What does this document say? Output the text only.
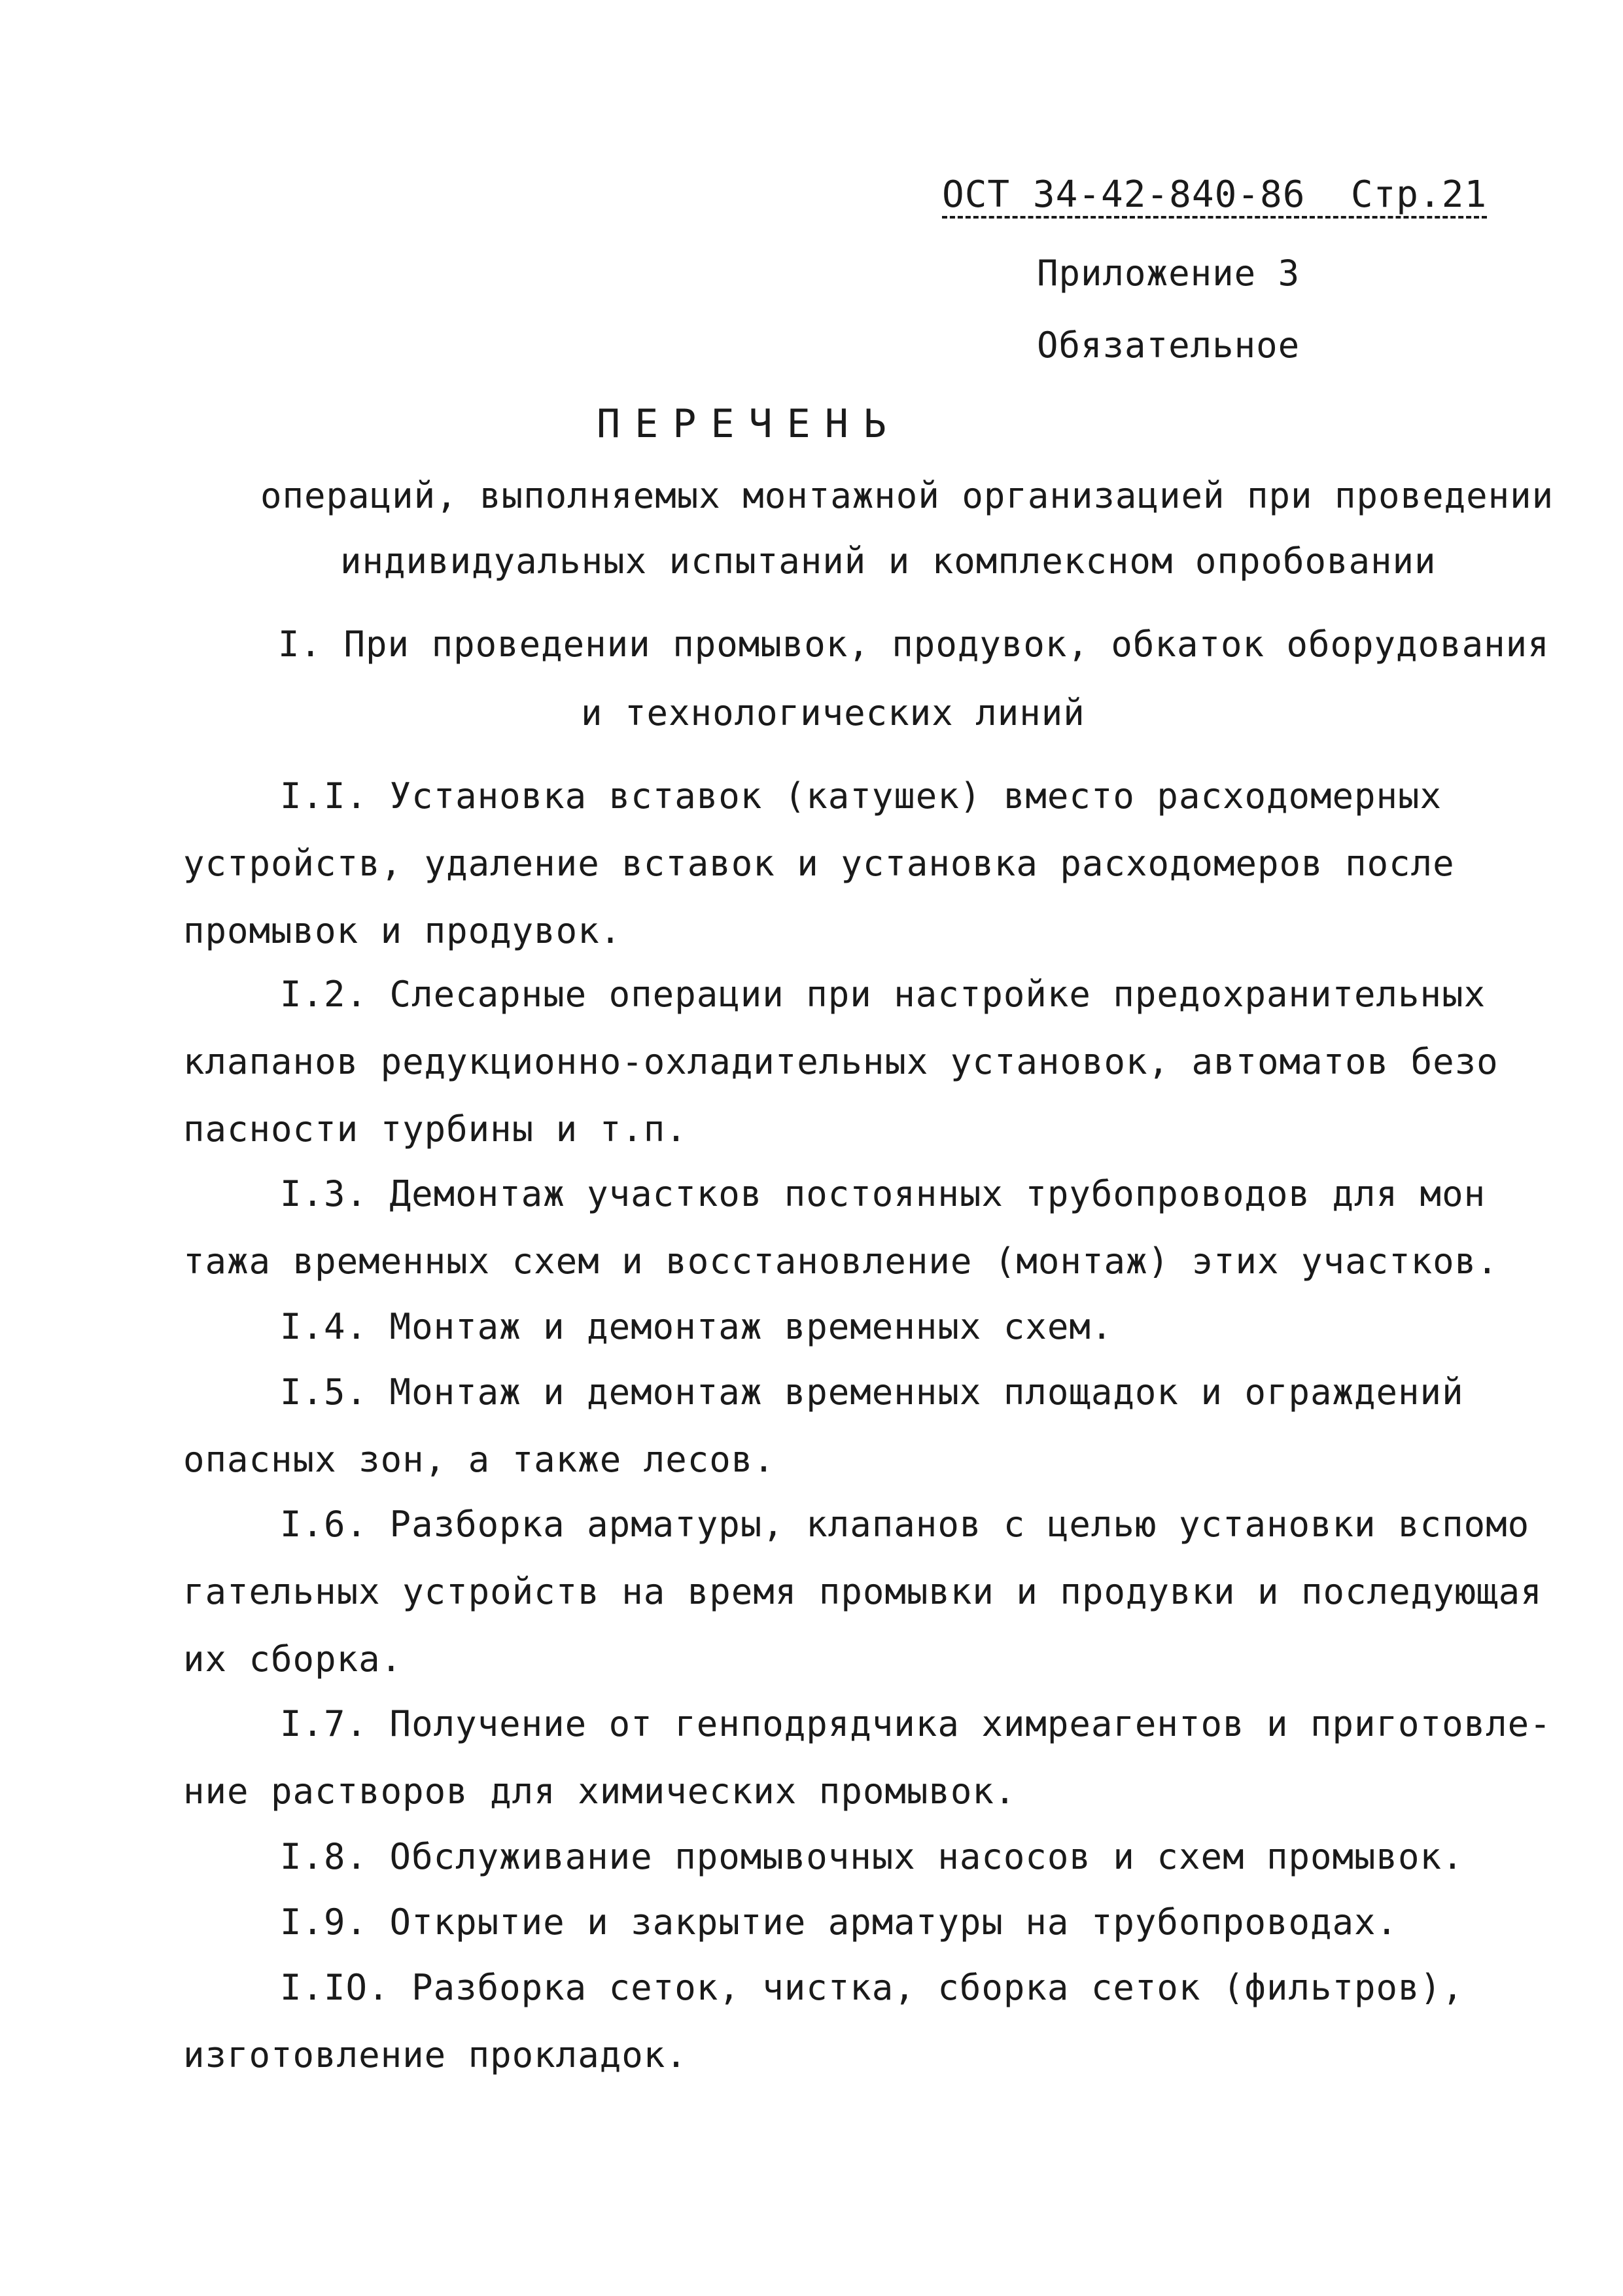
ОСТ 34-42-840-86  Стр.21
Приложение 3
Обязательное
ПЕРЕЧЕНЬ
операций, выполняемых монтажной организацией при проведении
индивидуальных испытаний и комплексном опробовании
I. При проведении промывок, продувок, обкаток оборудования
и технологических линий
I.I. Установка вставок (катушек) вместо расходомерных
устройств, удаление вставок и установка расходомеров после
промывок и продувок.
I.2. Слесарные операции при настройке предохранительных
клапанов редукционно-охладительных установок, автоматов безо
пасности турбины и т.п.
I.3. Демонтаж участков постоянных трубопроводов для мон
тажа временных схем и восстановление (монтаж) этих участков.
I.4. Монтаж и демонтаж временных схем.
I.5. Монтаж и демонтаж временных площадок и ограждений
опасных зон, а также лесов.
I.6. Разборка арматуры, клапанов с целью установки вспомо
гательных устройств на время промывки и продувки и последующая
их сборка.
I.7. Получение от генподрядчика химреагентов и приготовле-
ние растворов для химических промывок.
I.8. Обслуживание промывочных насосов и схем промывок.
I.9. Открытие и закрытие арматуры на трубопроводах.
I.IO. Разборка сеток, чистка, сборка сеток (фильтров),
изготовление прокладок.
